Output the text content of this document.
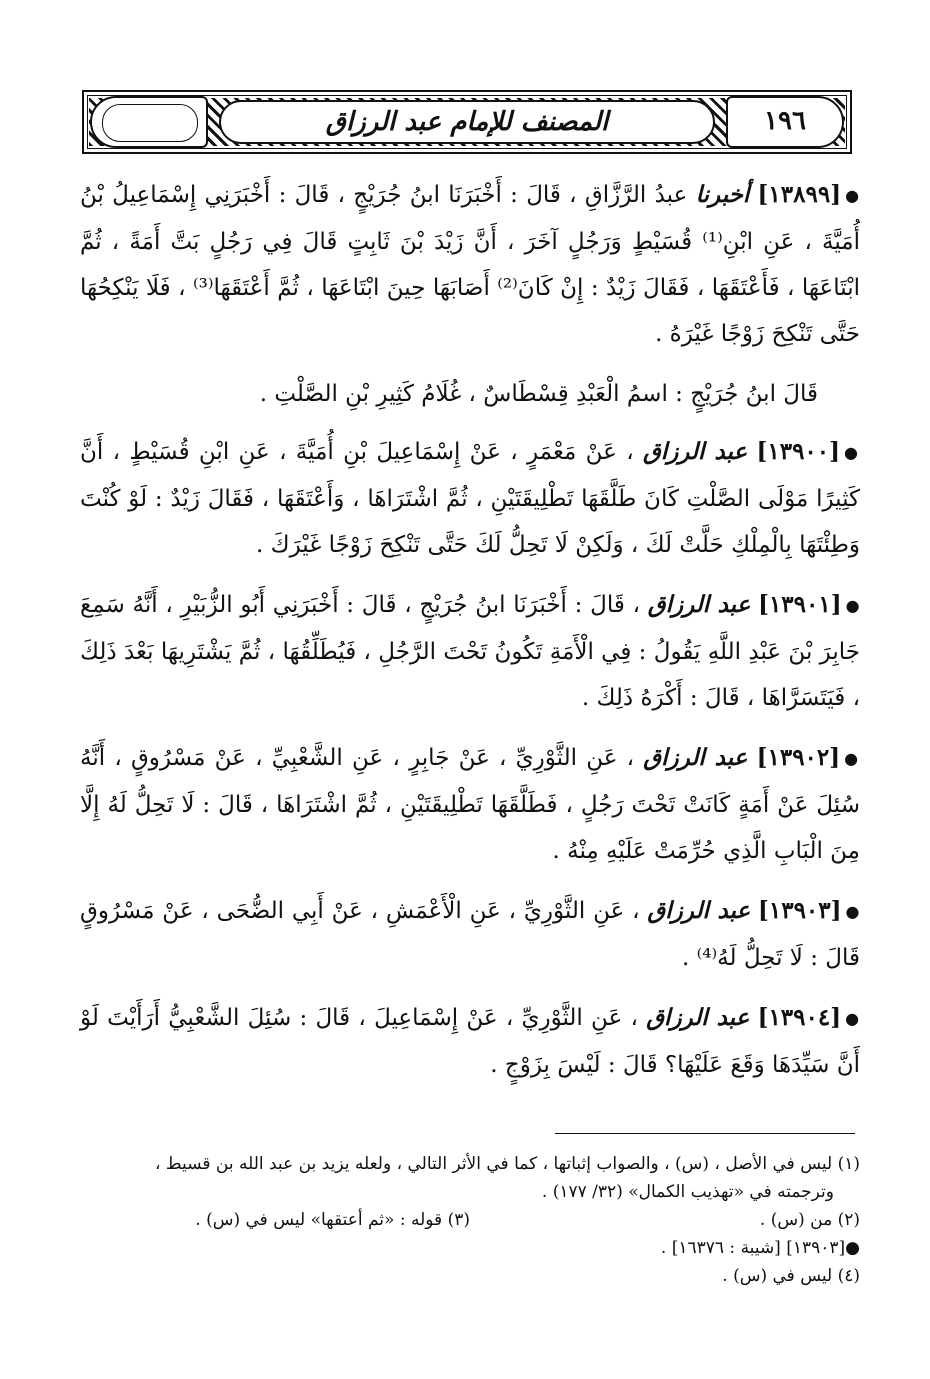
١٩٦
المصنف للإمام عبد الرزاق

●[١٣٨٩٩] أخبرنا عبدُ الرَّزَّاقِ ، قَالَ : أَخْبَرَنَا ابنُ جُرَيْجٍ ، قَالَ : أَخْبَرَنِي إِسْمَاعِيلُ بْنُ أُمَيَّةَ ، عَنِ ابْنِ⁽¹⁾ قُسَيْطٍ وَرَجُلٍ آخَرَ ، أَنَّ زَيْدَ بْنَ ثَابِتٍ قَالَ فِي رَجُلٍ بَتَّ أَمَةً ، ثُمَّ ابْتَاعَهَا ، فَأَعْتَقَهَا ، فَقَالَ زَيْدٌ : إِنْ كَانَ⁽²⁾ أَصَابَهَا حِينَ ابْتَاعَهَا ، ثُمَّ أَعْتَقَهَا⁽³⁾ ، فَلَا يَنْكِحُهَا حَتَّى تَنْكِحَ زَوْجًا غَيْرَهُ .

قَالَ ابنُ جُرَيْجٍ : اسمُ الْعَبْدِ قِسْطَاسٌ ، غُلَامُ كَثِيرِ بْنِ الصَّلْتِ .

●[١٣٩٠٠] عبد الرزاق ، عَنْ مَعْمَرٍ ، عَنْ إِسْمَاعِيلَ بْنِ أُمَيَّةَ ، عَنِ ابْنِ قُسَيْطٍ ، أَنَّ كَثِيرًا مَوْلَى الصَّلْتِ كَانَ طَلَّقَهَا تَطْلِيقَتَيْنِ ، ثُمَّ اشْتَرَاهَا ، وَأَعْتَقَهَا ، فَقَالَ زَيْدٌ : لَوْ كُنْتَ وَطِئْتَهَا بِالْمِلْكِ حَلَّتْ لَكَ ، وَلَكِنْ لَا تَحِلُّ لَكَ حَتَّى تَنْكِحَ زَوْجًا غَيْرَكَ .

●[١٣٩٠١] عبد الرزاق ، قَالَ : أَخْبَرَنَا ابنُ جُرَيْجٍ ، قَالَ : أَخْبَرَنِي أَبُو الزُّبَيْرِ ، أَنَّهُ سَمِعَ جَابِرَ بْنَ عَبْدِ اللَّهِ يَقُولُ : فِي الْأَمَةِ تَكُونُ تَحْتَ الرَّجُلِ ، فَيُطَلِّقُهَا ، ثُمَّ يَشْتَرِيهَا بَعْدَ ذَلِكَ ، فَيَتَسَرَّاهَا ، قَالَ : أَكْرَهُ ذَلِكَ .

●[١٣٩٠٢] عبد الرزاق ، عَنِ الثَّوْرِيِّ ، عَنْ جَابِرٍ ، عَنِ الشَّعْبِيِّ ، عَنْ مَسْرُوقٍ ، أَنَّهُ سُئِلَ عَنْ أَمَةٍ كَانَتْ تَحْتَ رَجُلٍ ، فَطَلَّقَهَا تَطْلِيقَتَيْنِ ، ثُمَّ اشْتَرَاهَا ، قَالَ : لَا تَحِلُّ لَهُ إِلَّا مِنَ الْبَابِ الَّذِي حُرِّمَتْ عَلَيْهِ مِنْهُ .

●[١٣٩٠٣] عبد الرزاق ، عَنِ الثَّوْرِيِّ ، عَنِ الْأَعْمَشِ ، عَنْ أَبِي الضُّحَى ، عَنْ مَسْرُوقٍ قَالَ : لَا تَحِلُّ لَهُ⁽⁴⁾ .

●[١٣٩٠٤] عبد الرزاق ، عَنِ الثَّوْرِيِّ ، عَنْ إِسْمَاعِيلَ ، قَالَ : سُئِلَ الشَّعْبِيُّ أَرَأَيْتَ لَوْ أَنَّ سَيِّدَهَا وَقَعَ عَلَيْهَا؟ قَالَ : لَيْسَ بِزَوْجٍ .

(١) ليس في الأصل ، (س) ، والصواب إثباتها ، كما في الأثر التالي ، ولعله يزيد بن عبد الله بن قسيط ،
وترجمته في «تهذيب الكمال» (٣٢/ ١٧٧) .
(٢) من (س) .
(٣) قوله : «ثم أعتقها» ليس في (س) .
●[١٣٩٠٣] [شيبة : ١٦٣٧٦] .
(٤) ليس في (س) .
